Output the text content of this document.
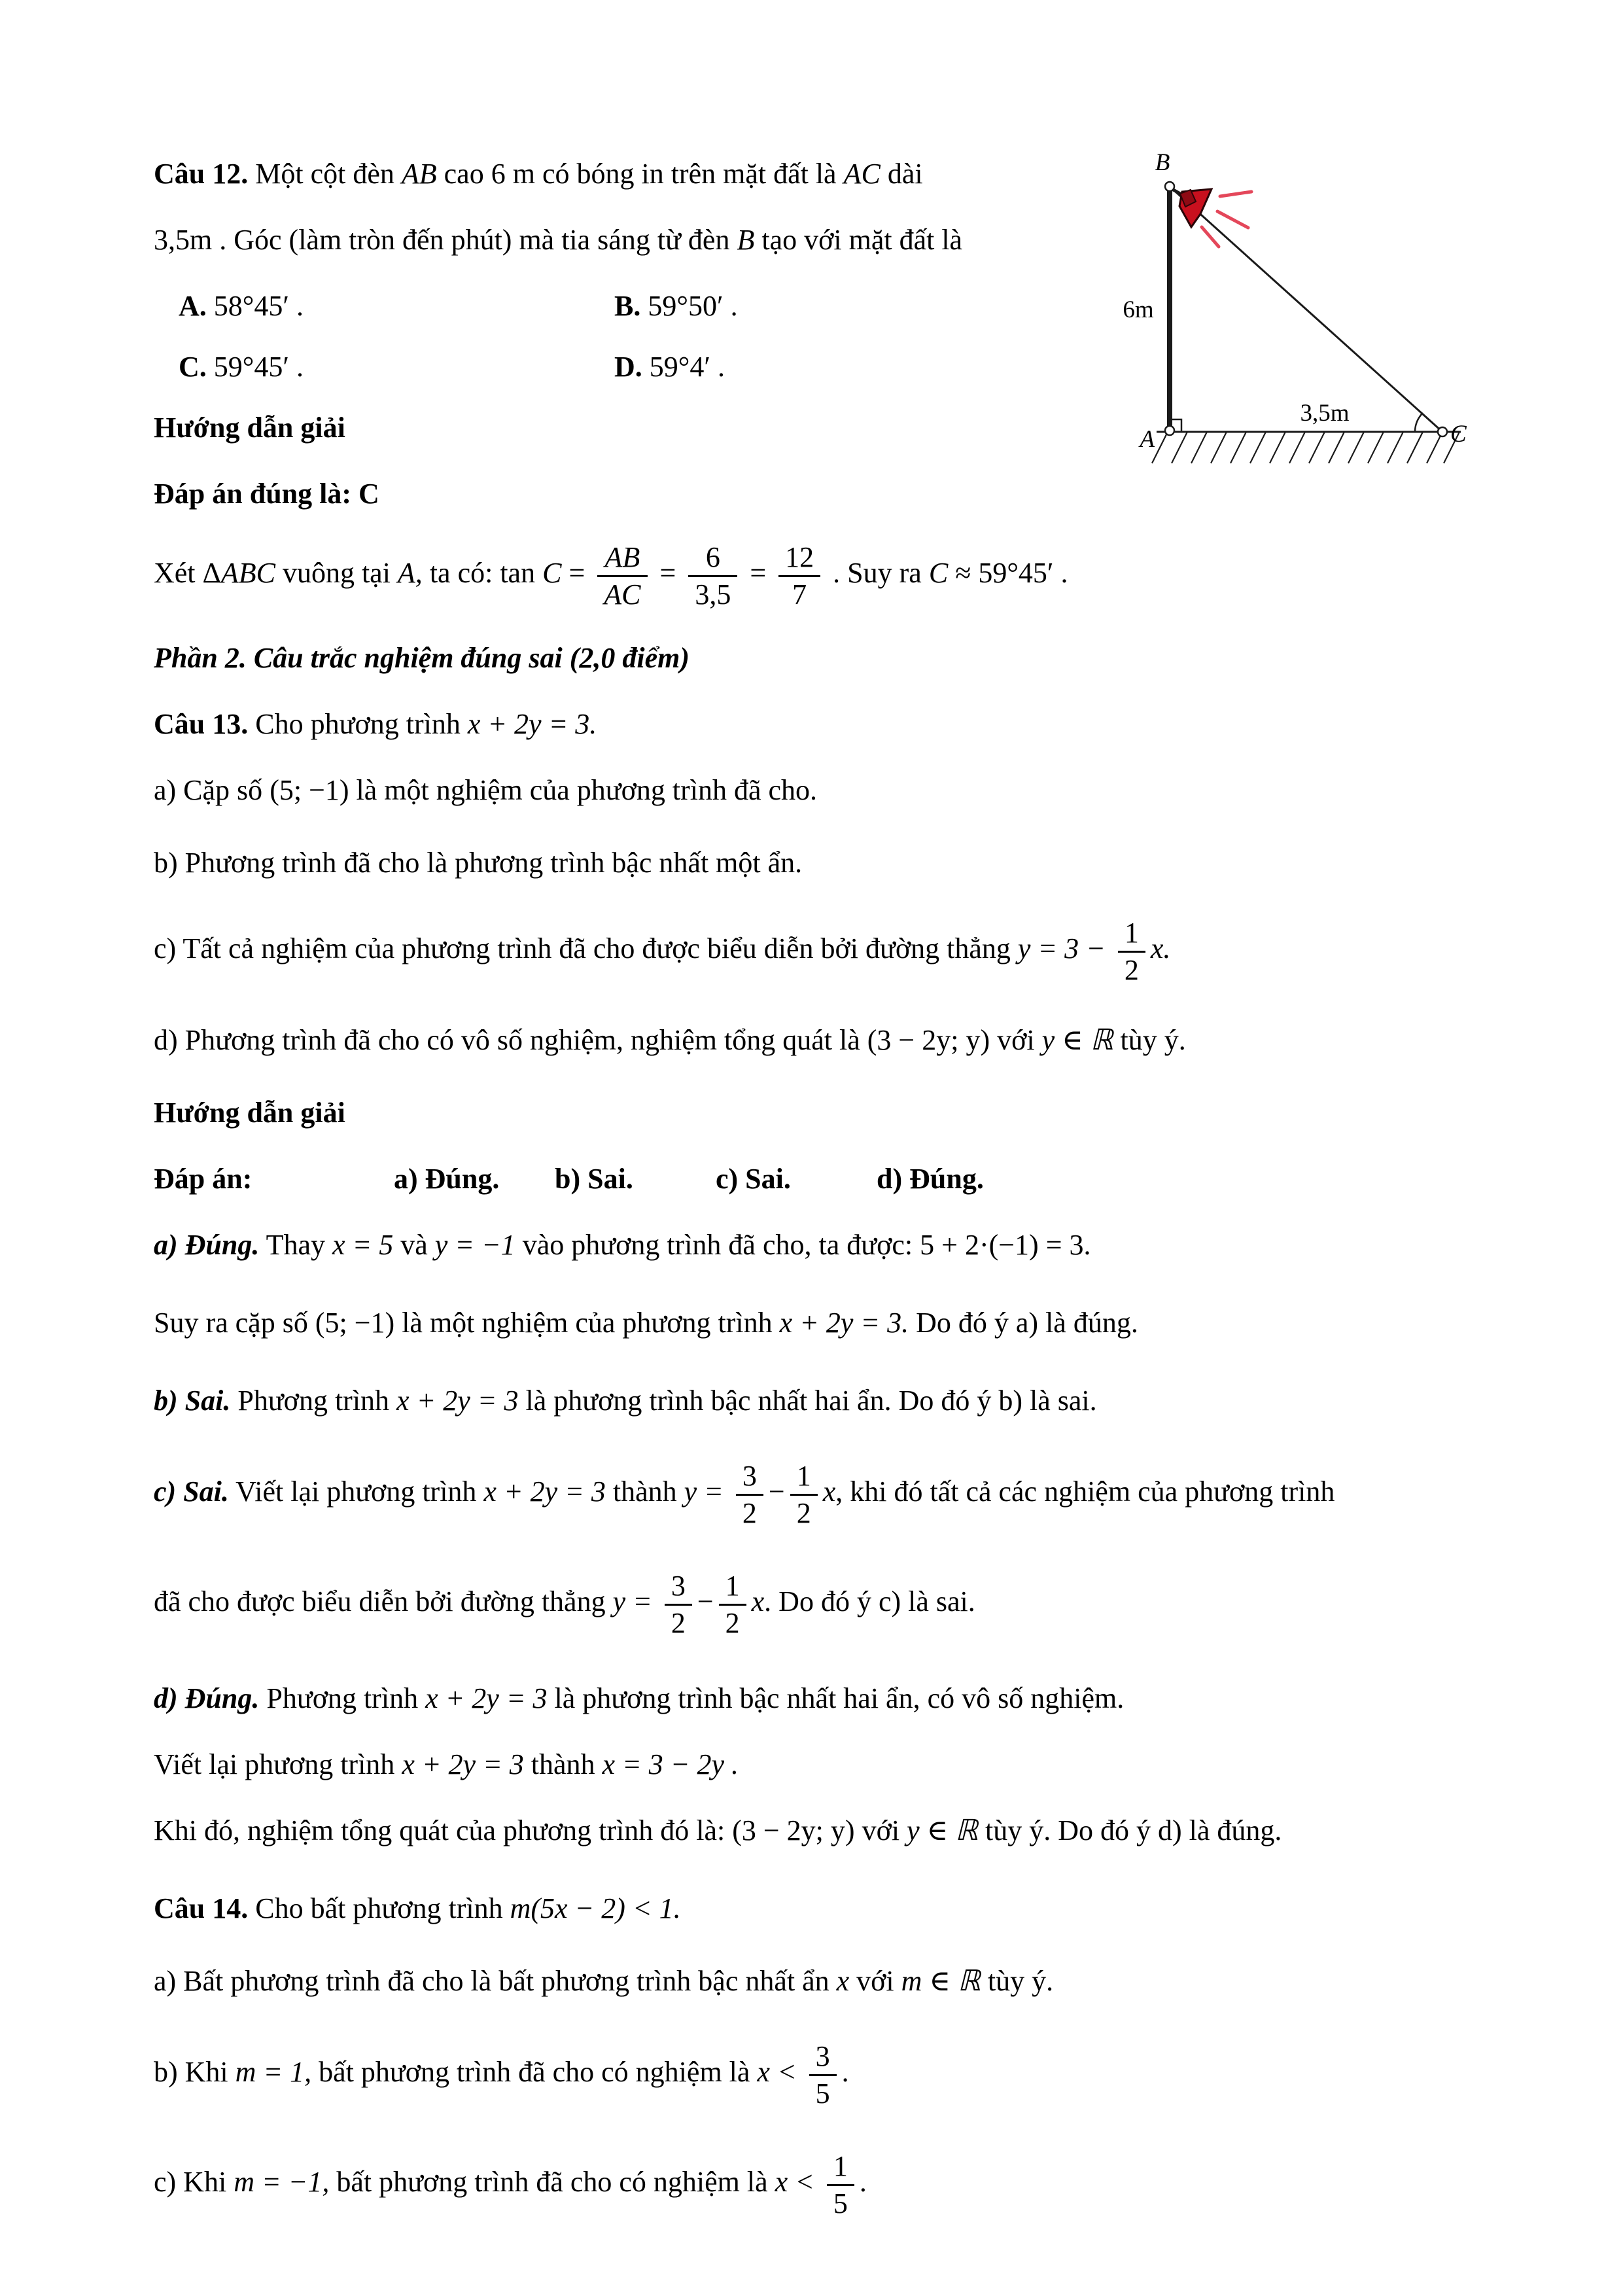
B
A	C
6m
3,5m
Câu 12. Một cột đèn AB cao 6 m có bóng in trên mặt đất là AC dài
3,5m . Góc (làm tròn đến phút) mà tia sáng từ đèn B tạo với mặt đất là
A. 58°45′ .	B. 59°50′ .
C. 59°45′ .	D. 59°4′ .
Hướng dẫn giải
Đáp án đúng là: C
Xét ΔABC vuông tại A, ta có: $\tan C = \frac{AB}{AC} = \frac{6}{3,5} = \frac{12}{7}$ . Suy ra C ≈ 59°45′ .
Phần 2. Câu trắc nghiệm đúng sai (2,0 điểm)
Câu 13. Cho phương trình x + 2y = 3.
a) Cặp số (5; −1) là một nghiệm của phương trình đã cho.
b) Phương trình đã cho là phương trình bậc nhất một ẩn.
c) Tất cả nghiệm của phương trình đã cho được biểu diễn bởi đường thẳng $y = 3 - \frac{1}{2} x$.
d) Phương trình đã cho có vô số nghiệm, nghiệm tổng quát là (3 − 2y; y) với y ∈ ℝ tùy ý.
Hướng dẫn giải
Đáp án:	a) Đúng. b) Sai.	c) Sai.	d) Đúng.
a) Đúng. Thay x = 5 và y = −1 vào phương trình đã cho, ta được: 5 + 2·(−1) = 3.
Suy ra cặp số (5; −1) là một nghiệm của phương trình x + 2y = 3. Do đó ý a) là đúng.
b) Sai. Phương trình x + 2y = 3 là phương trình bậc nhất hai ẩn. Do đó ý b) là sai.
c) Sai. Viết lại phương trình x + 2y = 3 thành $y = \frac{3}{2} - \frac{1}{2} x$, khi đó tất cả các nghiệm của phương trình
đã cho được biểu diễn bởi đường thẳng $y = \frac{3}{2} - \frac{1}{2} x$. Do đó ý c) là sai.
d) Đúng. Phương trình x + 2y = 3 là phương trình bậc nhất hai ẩn, có vô số nghiệm.
Viết lại phương trình x + 2y = 3 thành x = 3 − 2y .
Khi đó, nghiệm tổng quát của phương trình đó là: (3 − 2y; y) với y ∈ ℝ tùy ý. Do đó ý d) là đúng.
Câu 14. Cho bất phương trình m(5x − 2) < 1.
a) Bất phương trình đã cho là bất phương trình bậc nhất ẩn x với m ∈ ℝ tùy ý.
b) Khi m = 1, bất phương trình đã cho có nghiệm là $x < \frac{3}{5}$ .
c) Khi m = −1, bất phương trình đã cho có nghiệm là $x < \frac{1}{5}$ .
